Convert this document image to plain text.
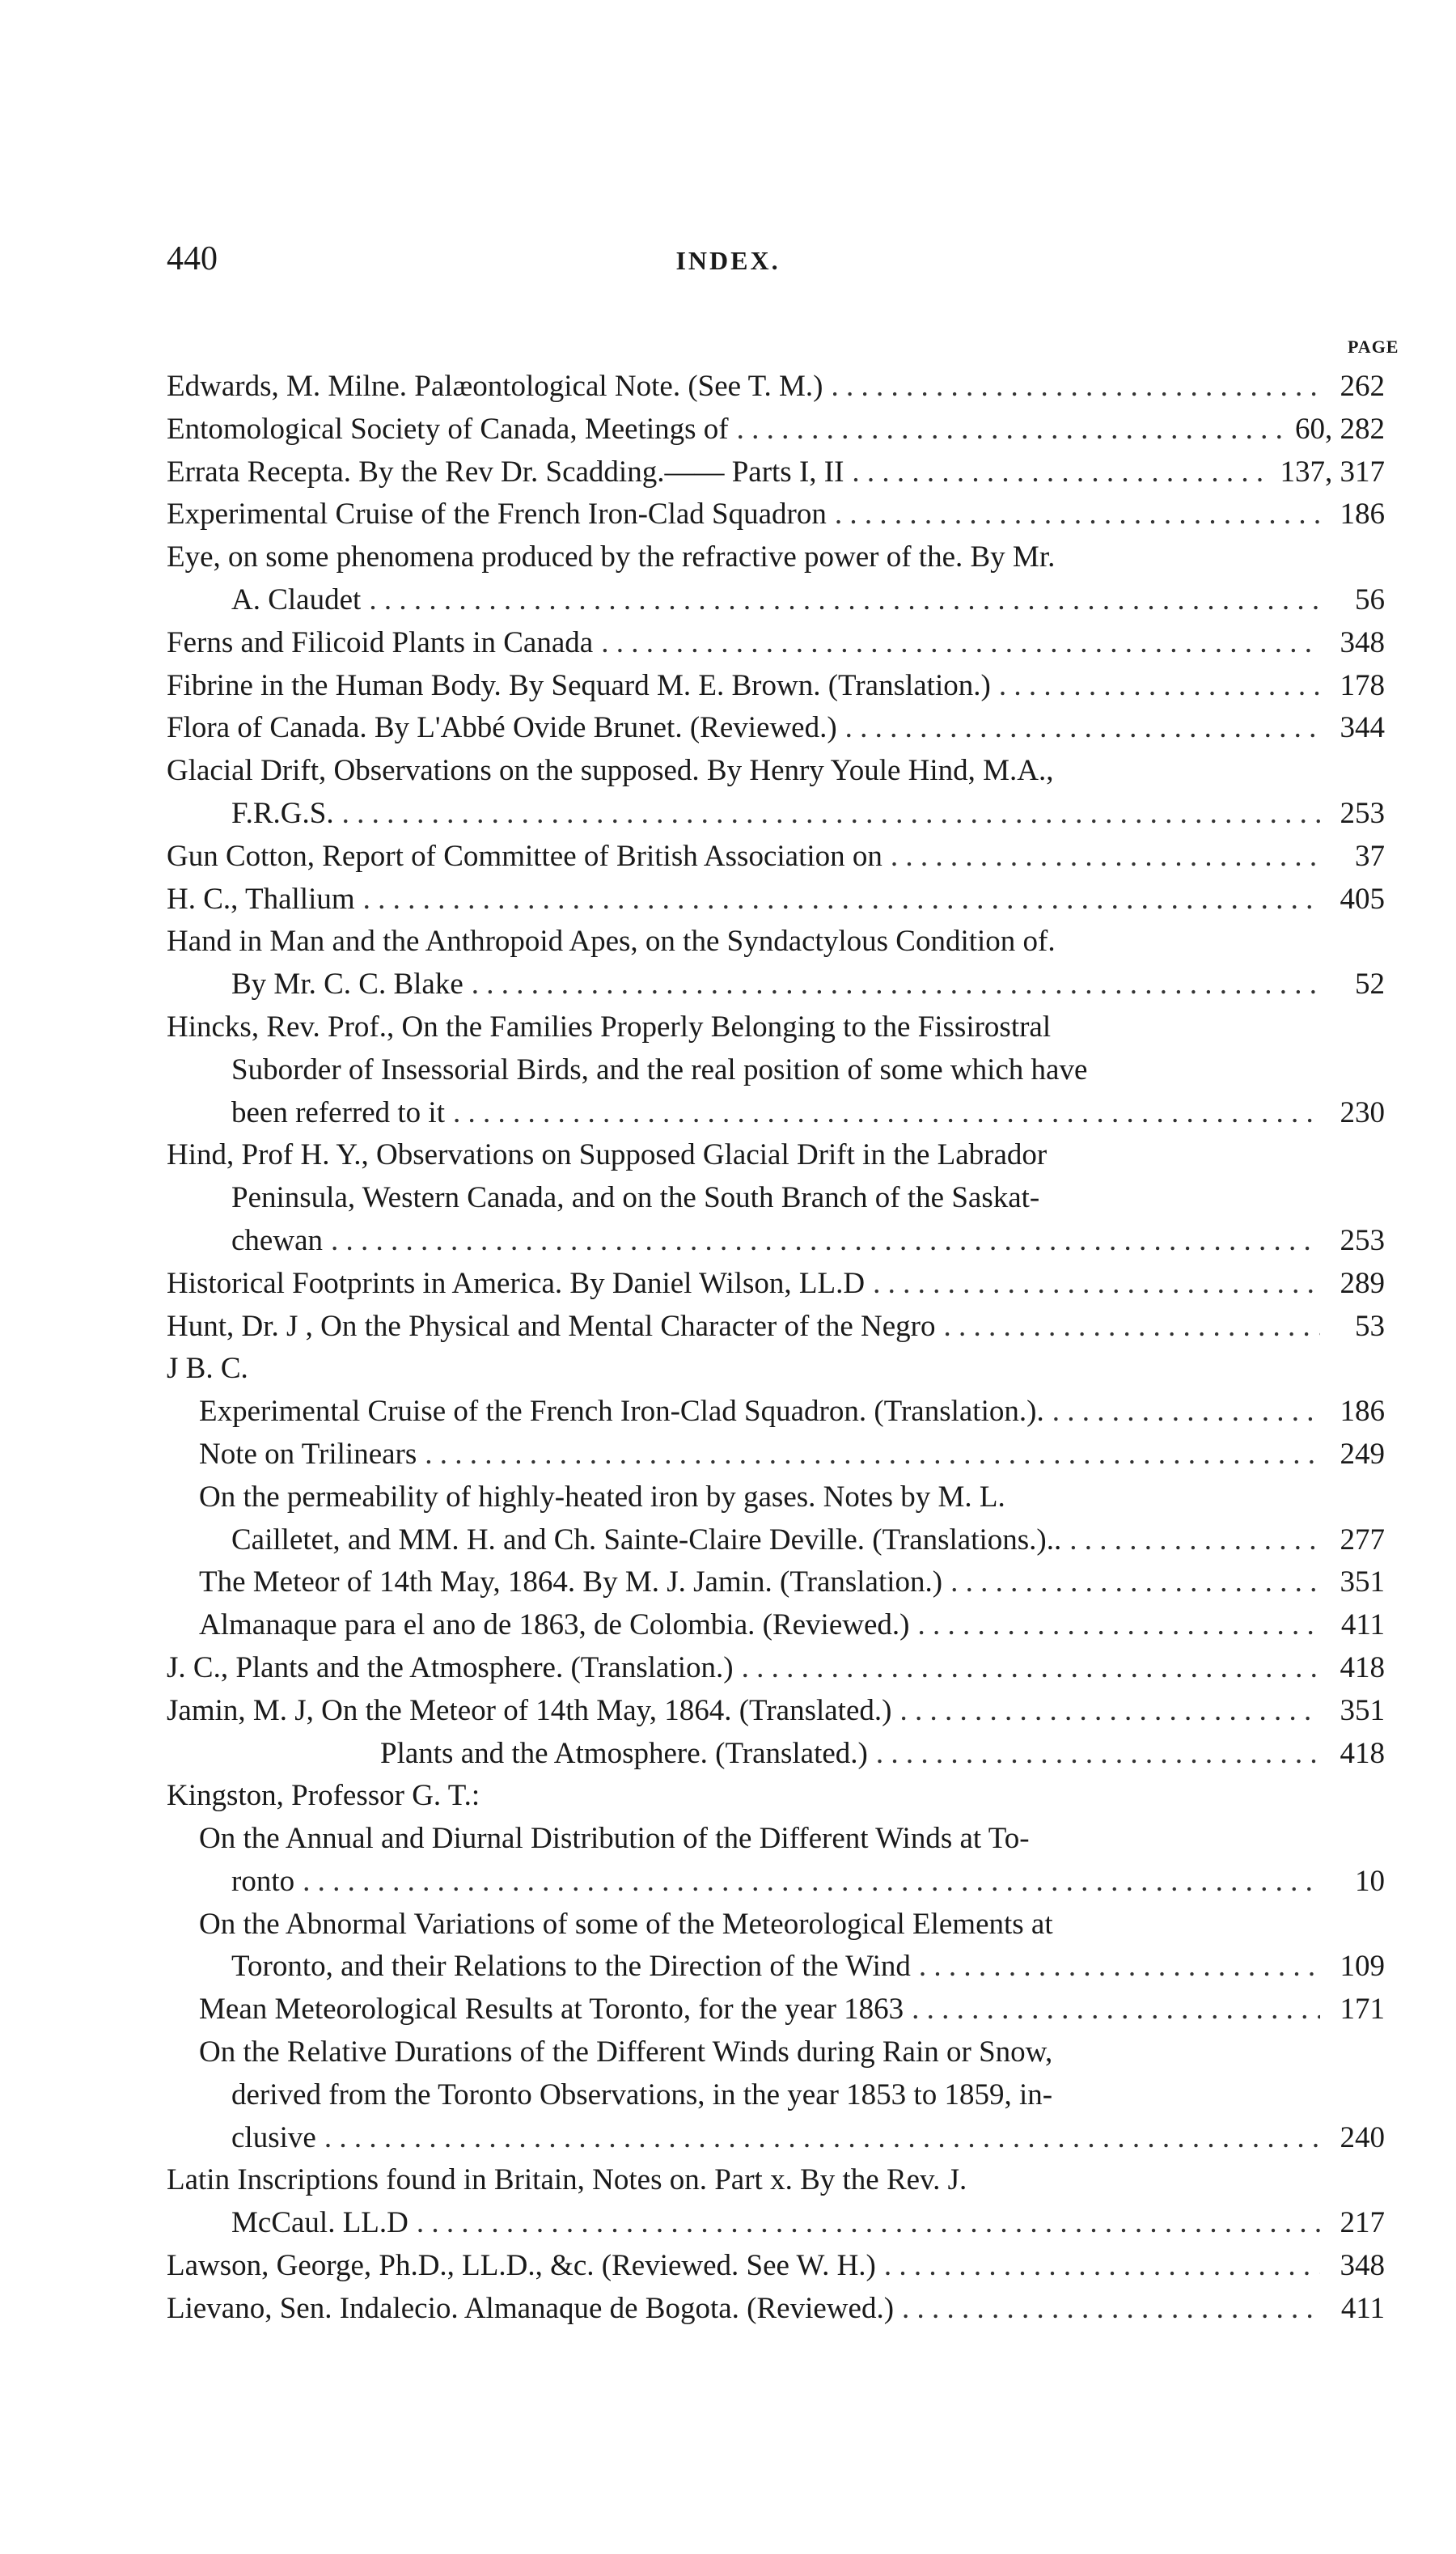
440	INDEX.
PAGE
Edwards, M. Milne. Palæontological Note. (See T. M.) . . .	262
Entomological Society of Canada, Meetings of . . .	60, 282
Errata Recepta. By the Rev Dr. Scadding.—— Parts I, II . . .	137, 317
Experimental Cruise of the French Iron-Clad Squadron . . .	186
Eye, on some phenomena produced by the refractive power of the. By Mr.
A. Claudet . . .	56
Ferns and Filicoid Plants in Canada . . .	348
Fibrine in the Human Body. By Sequard M. E. Brown. (Translation.) . . .	178
Flora of Canada. By L'Abbé Ovide Brunet. (Reviewed.) . . .	344
Glacial Drift, Observations on the supposed. By Henry Youle Hind, M.A.,
F.R.G.S. . . .	253
Gun Cotton, Report of Committee of British Association on . . .	37
H. C., Thallium . . .	405
Hand in Man and the Anthropoid Apes, on the Syndactylous Condition of.
By Mr. C. C. Blake . . .	52
Hincks, Rev. Prof., On the Families Properly Belonging to the Fissirostral
Suborder of Insessorial Birds, and the real position of some which have
been referred to it . . .	230
Hind, Prof H. Y., Observations on Supposed Glacial Drift in the Labrador
Peninsula, Western Canada, and on the South Branch of the Saskat-
chewan . . .	253
Historical Footprints in America. By Daniel Wilson, LL.D . . .	289
Hunt, Dr. J , On the Physical and Mental Character of the Negro . . .	53
J B. C.
Experimental Cruise of the French Iron-Clad Squadron. (Translation.). . . .	186
Note on Trilinears . . .	249
On the permeability of highly-heated iron by gases. Notes by M. L.
Cailletet, and MM. H. and Ch. Sainte-Claire Deville. (Translations.).. . . .	277
The Meteor of 14th May, 1864. By M. J. Jamin. (Translation.) . . .	351
Almanaque para el ano de 1863, de Colombia. (Reviewed.) . . .	411
J. C., Plants and the Atmosphere. (Translation.) . . .	418
Jamin, M. J, On the Meteor of 14th May, 1864. (Translated.) . . .	351
Plants and the Atmosphere. (Translated.) . . .	418
Kingston, Professor G. T.:
On the Annual and Diurnal Distribution of the Different Winds at To-
ronto . . .	10
On the Abnormal Variations of some of the Meteorological Elements at
Toronto, and their Relations to the Direction of the Wind . . .	109
Mean Meteorological Results at Toronto, for the year 1863 . . .	171
On the Relative Durations of the Different Winds during Rain or Snow,
derived from the Toronto Observations, in the year 1853 to 1859, in-
clusive . . .	240
Latin Inscriptions found in Britain, Notes on. Part x. By the Rev. J.
McCaul. LL.D . . .	217
Lawson, George, Ph.D., LL.D., &c. (Reviewed. See W. H.) . . .	348
Lievano, Sen. Indalecio. Almanaque de Bogota. (Reviewed.) . . .	411
